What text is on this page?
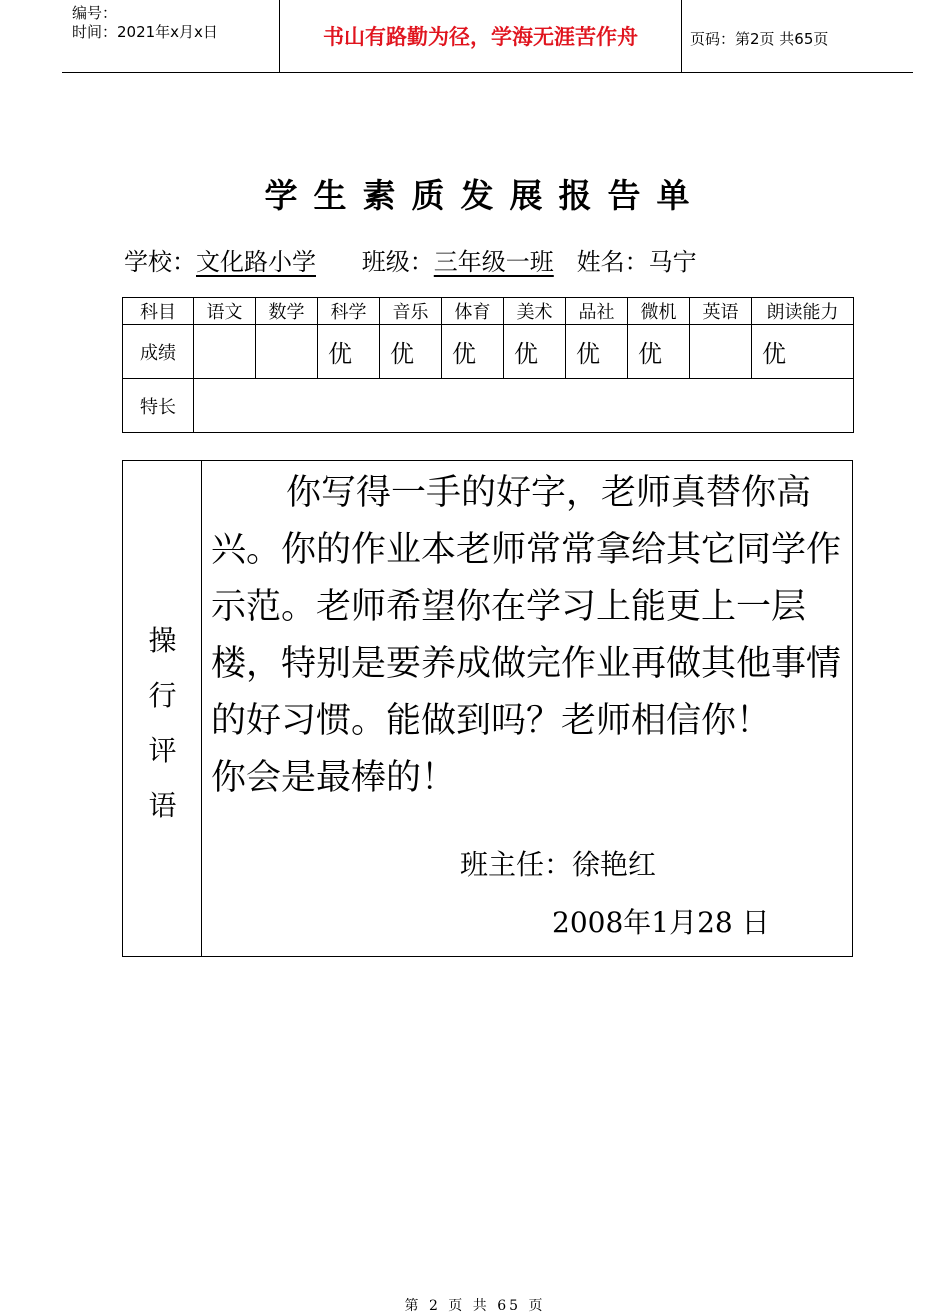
编号：
时间：2021年x月x日	书山有路勤为径，学海无涯苦作舟	页码：第2页 共65页
学生素质发展报告单
学校：文化路小学 班级：三年级一班 姓名：马宁
科目	语文	数学	科学	音乐	体育	美术	品社	微机	英语	朗读能力
成绩			优	优	优	优	优	优		优
特长										
操
行
评
语

你写得一手的好字，老师真替你高兴。你的作业本老师常常拿给其它同学作示范。老师希望你在学习上能更上一层楼，特别是要养成做完作业再做其他事情的好习惯。能做到吗？老师相信你！

你会是最棒的！

班主任：徐艳红
2008年1月28 日
第 2 页 共 65 页
